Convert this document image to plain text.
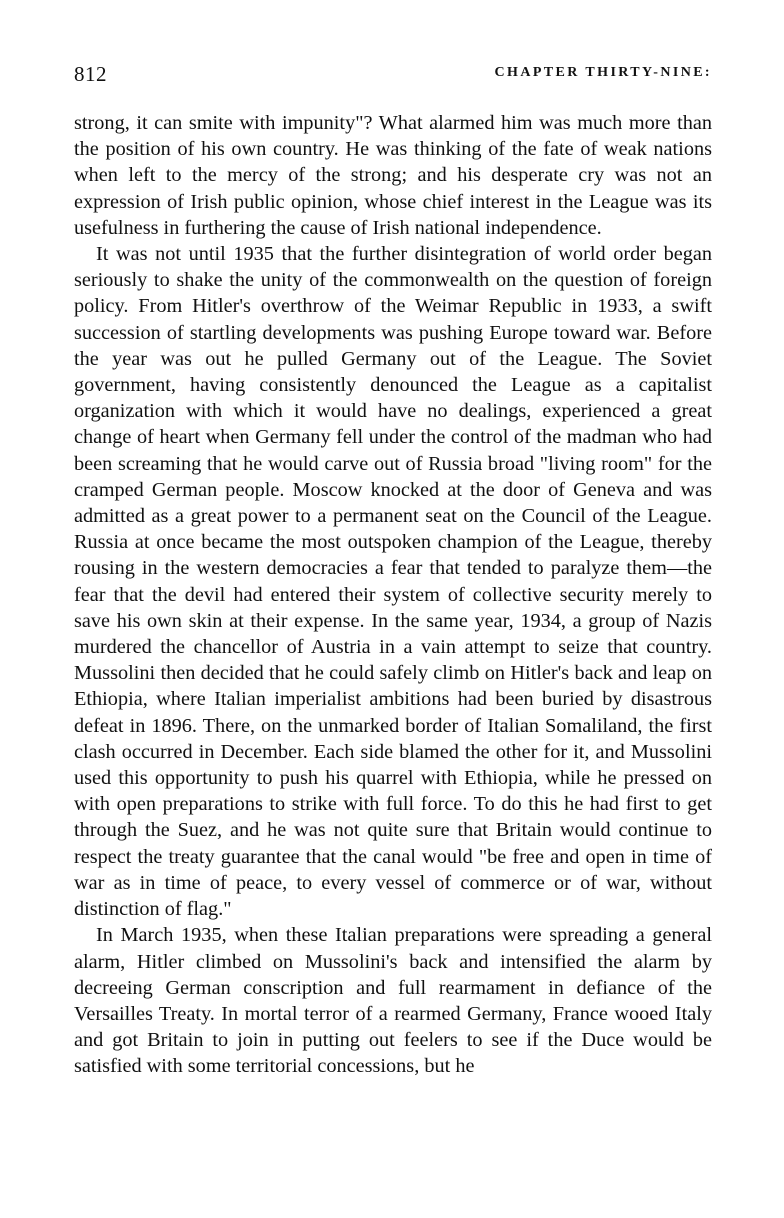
812	CHAPTER THIRTY-NINE:

strong, it can smite with impunity"? What alarmed him was much more than the position of his own country. He was thinking of the fate of weak nations when left to the mercy of the strong; and his desperate cry was not an expression of Irish public opinion, whose chief interest in the League was its usefulness in furthering the cause of Irish national independence.

It was not until 1935 that the further disintegration of world order began seriously to shake the unity of the commonwealth on the question of foreign policy. From Hitler's overthrow of the Weimar Republic in 1933, a swift succession of startling developments was pushing Europe toward war. Before the year was out he pulled Germany out of the League. The Soviet government, having consistently denounced the League as a capitalist organization with which it would have no dealings, experienced a great change of heart when Germany fell under the control of the madman who had been screaming that he would carve out of Russia broad "living room" for the cramped German people. Moscow knocked at the door of Geneva and was admitted as a great power to a permanent seat on the Council of the League. Russia at once became the most outspoken champion of the League, thereby rousing in the western democracies a fear that tended to paralyze them—the fear that the devil had entered their system of collective security merely to save his own skin at their expense. In the same year, 1934, a group of Nazis murdered the chancellor of Austria in a vain attempt to seize that country. Mussolini then decided that he could safely climb on Hitler's back and leap on Ethiopia, where Italian imperialist ambitions had been buried by disastrous defeat in 1896. There, on the unmarked border of Italian Somaliland, the first clash occurred in December. Each side blamed the other for it, and Mussolini used this opportunity to push his quarrel with Ethiopia, while he pressed on with open preparations to strike with full force. To do this he had first to get through the Suez, and he was not quite sure that Britain would continue to respect the treaty guarantee that the canal would "be free and open in time of war as in time of peace, to every vessel of commerce or of war, without distinction of flag."

In March 1935, when these Italian preparations were spreading a general alarm, Hitler climbed on Mussolini's back and intensified the alarm by decreeing German conscription and full rearmament in defiance of the Versailles Treaty. In mortal terror of a rearmed Germany, France wooed Italy and got Britain to join in putting out feelers to see if the Duce would be satisfied with some territorial concessions, but he
